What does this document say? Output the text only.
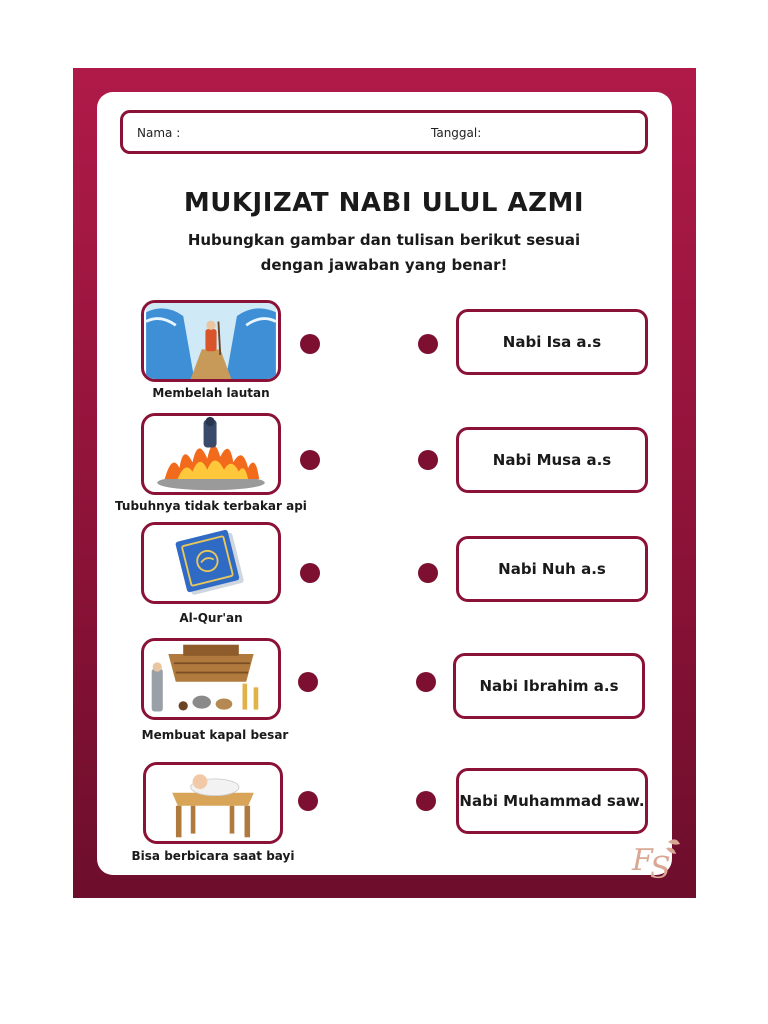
Nama :	Tanggal:
MUKJIZAT NABI ULUL AZMI
Hubungkan gambar dan tulisan berikut sesuai
dengan jawaban yang benar!
Membelah lautan
Tubuhnya tidak terbakar api
Al-Qur'an
Membuat kapal besar
Bisa berbicara saat bayi
Nabi Isa a.s
Nabi Musa a.s
Nabi Nuh a.s
Nabi Ibrahim a.s
Nabi Muhammad saw.
F
S
